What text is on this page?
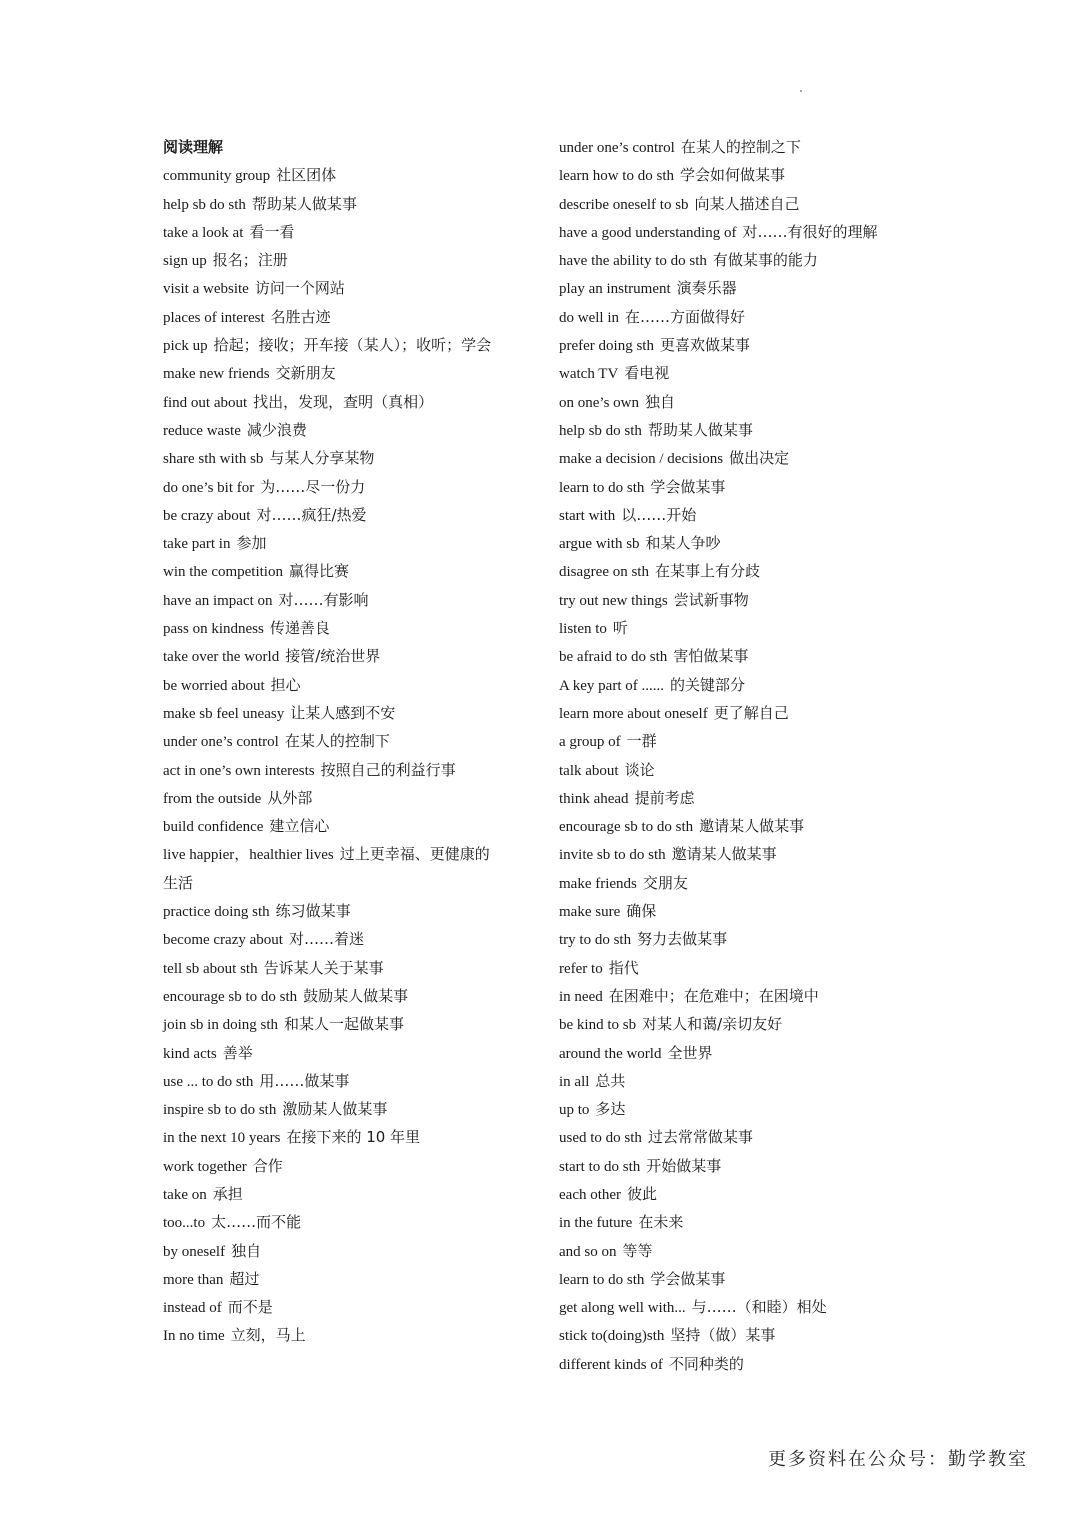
阅读理解
community group 社区团体
help sb do sth 帮助某人做某事
take a look at 看一看
sign up 报名；注册
visit a website 访问一个网站
places of interest 名胜古迹
pick up 拾起；接收；开车接（某人）；收听；学会
make new friends 交新朋友
find out about 找出，发现，查明（真相）
reduce waste 减少浪费
share sth with sb 与某人分享某物
do one’s bit for 为……尽一份力
be crazy about 对……疯狂/热爱
take part in 参加
win the competition 赢得比赛
have an impact on 对……有影响
pass on kindness 传递善良
take over the world 接管/统治世界
be worried about 担心
make sb feel uneasy 让某人感到不安
under one’s control 在某人的控制下
act in one’s own interests 按照自己的利益行事
from the outside 从外部
build confidence 建立信心
live happier，healthier lives 过上更幸福、更健康的
生活
practice doing sth 练习做某事
become crazy about 对……着迷
tell sb about sth 告诉某人关于某事
encourage sb to do sth 鼓励某人做某事
join sb in doing sth 和某人一起做某事
kind acts 善举
use ... to do sth 用……做某事
inspire sb to do sth 激励某人做某事
in the next 10 years 在接下来的 10 年里
work together 合作
take on 承担
too...to 太……而不能
by oneself 独自
more than 超过
instead of 而不是
In no time 立刻，马上
under one’s control 在某人的控制之下
learn how to do sth 学会如何做某事
describe oneself to sb 向某人描述自己
have a good understanding of 对……有很好的理解
have the ability to do sth 有做某事的能力
play an instrument 演奏乐器
do well in 在……方面做得好
prefer doing sth 更喜欢做某事
watch TV 看电视
on one’s own 独自
help sb do sth 帮助某人做某事
make a decision / decisions 做出决定
learn to do sth 学会做某事
start with 以……开始
argue with sb 和某人争吵
disagree on sth 在某事上有分歧
try out new things 尝试新事物
listen to 听
be afraid to do sth 害怕做某事
A key part of ...... 的关键部分
learn more about oneself 更了解自己
a group of 一群
talk about 谈论
think ahead 提前考虑
encourage sb to do sth 邀请某人做某事
invite sb to do sth 邀请某人做某事
make friends 交朋友
make sure 确保
try to do sth 努力去做某事
refer to 指代
in need 在困难中；在危难中；在困境中
be kind to sb 对某人和蔼/亲切友好
around the world 全世界
in all 总共
up to 多达
used to do sth 过去常常做某事
start to do sth 开始做某事
each other 彼此
in the future 在未来
and so on 等等
learn to do sth 学会做某事
get along well with... 与……（和睦）相处
stick to(doing)sth 坚持（做）某事
different kinds of 不同种类的
更多资料在公众号：勤学教室
